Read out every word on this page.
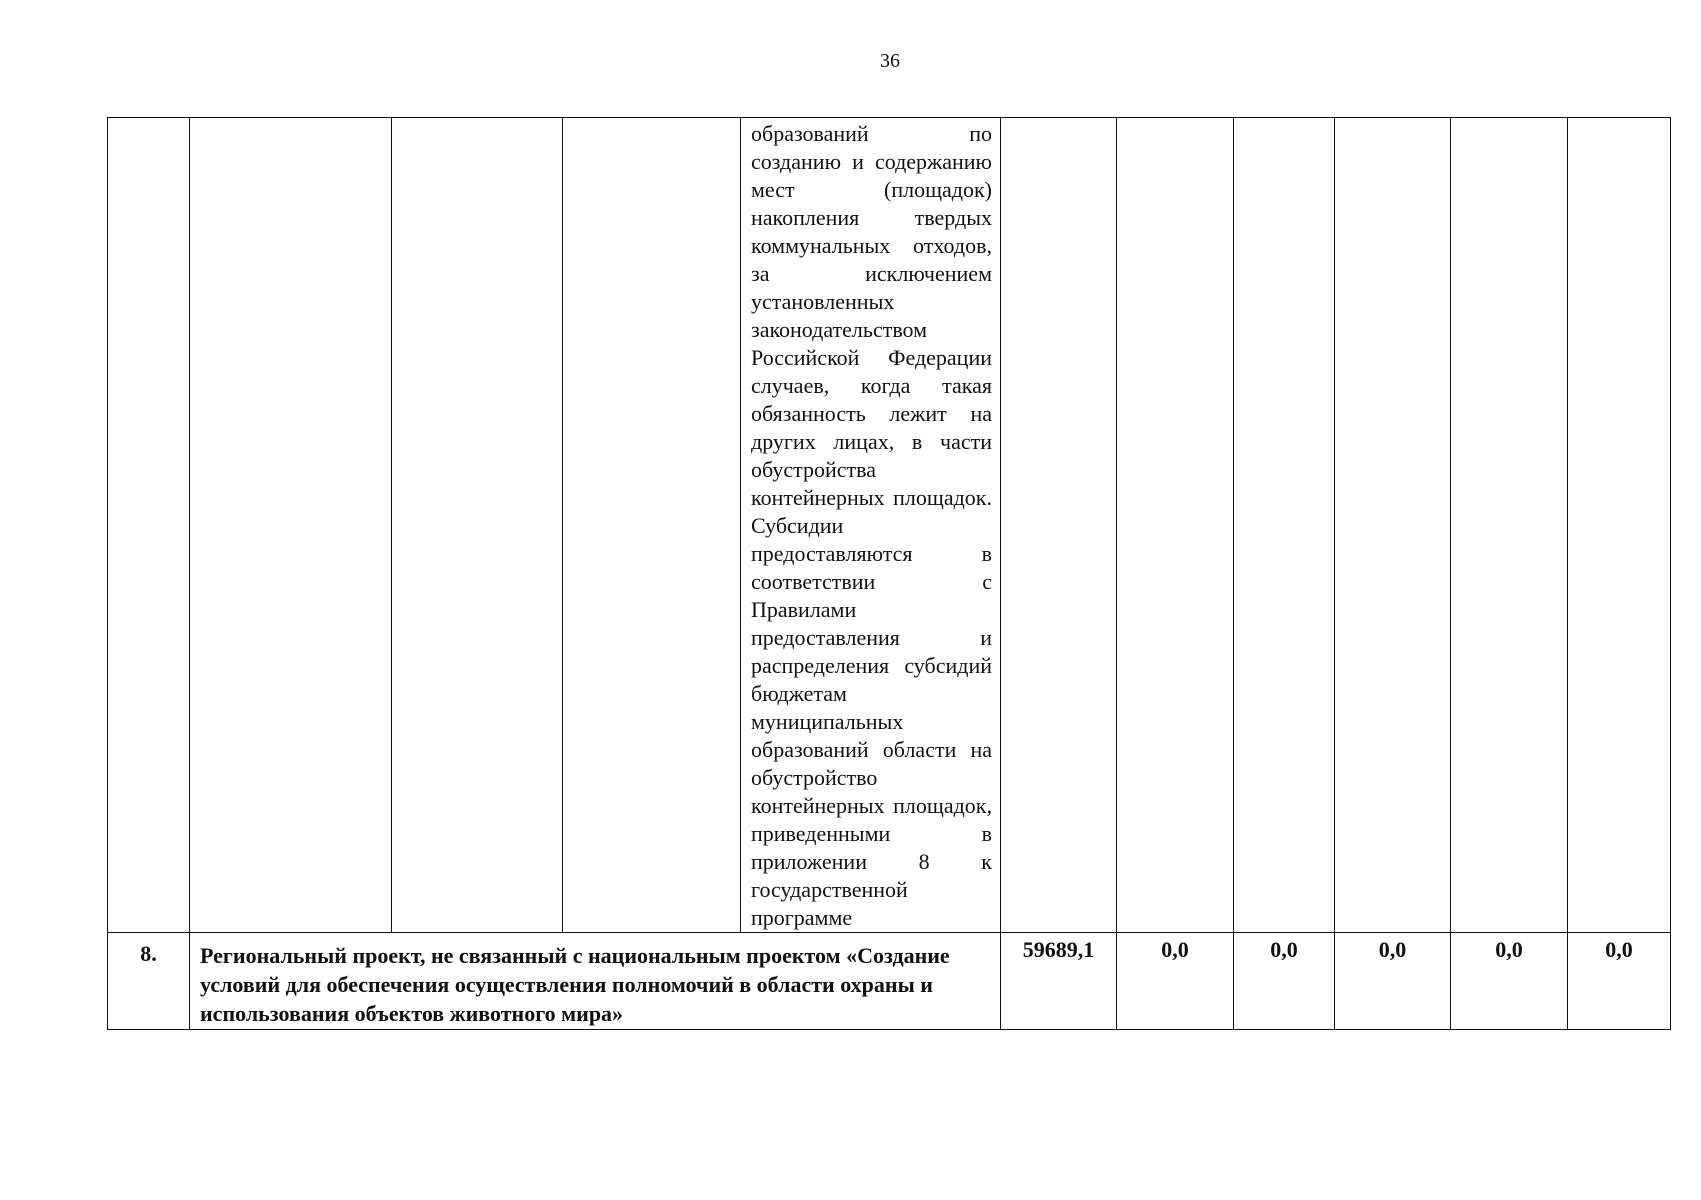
36
				образований по созданию и содержанию мест (площадок) накопления твердых коммунальных отходов, за исключением установленных законодательством Российской Федерации случаев, когда такая обязанность лежит на других лицах, в части обустройства контейнерных площадок. Субсидии предоставляются в соответствии с Правилами предоставления и распределения субсидий бюджетам муниципальных образований области на обустройство контейнерных площадок, приведенными в приложении 8 к государственной программе						
8.	Региональный проект, не связанный с национальным проектом «Создание условий для обеспечения осуществления полномочий в области охраны и использования объектов животного мира»				59689,1	0,0	0,0	0,0	0,0	0,0
